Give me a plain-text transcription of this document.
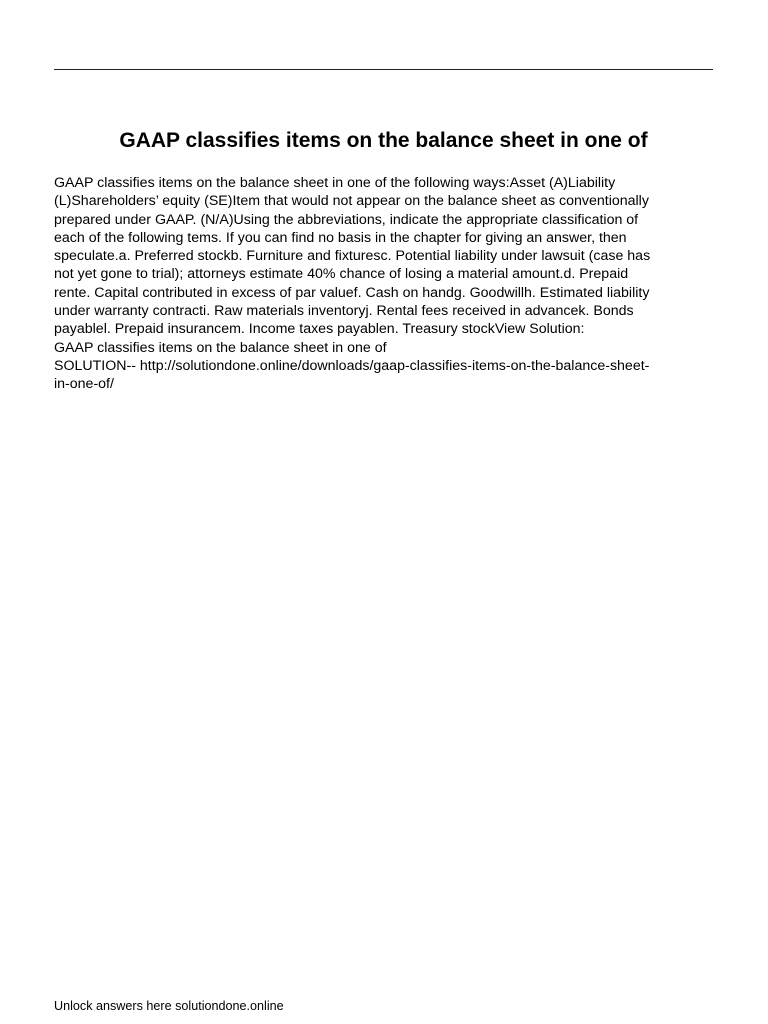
GAAP classifies items on the balance sheet in one of

GAAP classifies items on the balance sheet in one of the following ways:Asset (A)Liability

(L)Shareholders’ equity (SE)Item that would not appear on the balance sheet as conventionally

prepared under GAAP. (N/A)Using the abbreviations, indicate the appropriate classification of

each of the following tems. If you can find no basis in the chapter for giving an answer, then

speculate.a. Preferred stockb. Furniture and fixturesc. Potential liability under lawsuit (case has

not yet gone to trial); attorneys estimate 40% chance of losing a material amount.d. Prepaid

rente. Capital contributed in excess of par valuef. Cash on handg. Goodwillh. Estimated liability

under warranty contracti. Raw materials inventoryj. Rental fees received in advancek. Bonds

payablel. Prepaid insurancem. Income taxes payablen. Treasury stockView Solution:

GAAP classifies items on the balance sheet in one of

SOLUTION-- http://solutiondone.online/downloads/gaap-classifies-items-on-the-balance-sheet-

in-one-of/

Unlock answers here solutiondone.online
